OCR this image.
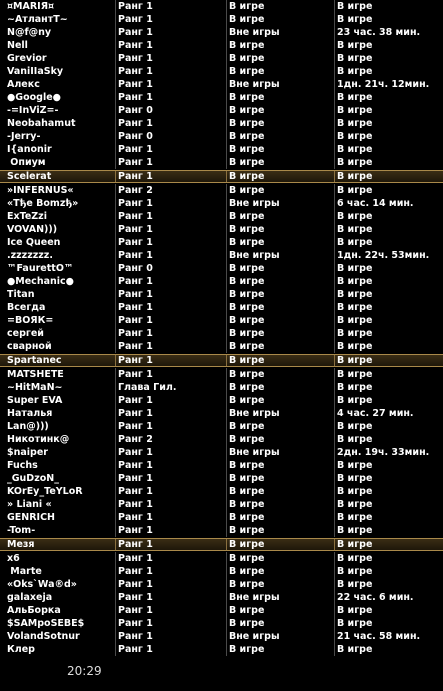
¤MARIЯ¤	Ранг 1	В игре	В игре
~АтлантТ~	Ранг 1	В игре	В игре
N@f@ny	Ранг 1	Вне игры	23 час. 38 мин.
Nell	Ранг 1	В игре	В игре
Grevior	Ранг 1	В игре	В игре
VaniIIaSky	Ранг 1	В игре	В игре
Алекс	Ранг 1	Вне игры	1дн. 21ч. 12мин.
●Google●	Ранг 1	В игре	В игре
-=InViZ=-	Ранг 0	В игре	В игре
Neobahamut	Ранг 1	В игре	В игре
-Jerry-	Ранг 0	В игре	В игре
I{anonir	Ранг 1	В игре	В игре
Опиум	Ранг 1	В игре	В игре
Scelerat	Ранг 1	В игре	В игре
»INFERNUS«	Ранг 2	В игре	В игре
«Tђe Bomzђ»	Ранг 1	Вне игры	6 час. 14 мин.
ExTeZzi	Ранг 1	В игре	В игре
VOVAN)))	Ранг 1	В игре	В игре
Ice Queen	Ранг 1	В игре	В игре
.zzzzzzz.	Ранг 1	Вне игры	1дн. 22ч. 53мин.
™FaurettO™	Ранг 0	В игре	В игре
●Mechanic●	Ранг 1	В игре	В игре
Titan	Ранг 1	В игре	В игре
Всегда	Ранг 1	В игре	В игре
=ВОЯК=	Ранг 1	В игре	В игре
сергей	Ранг 1	В игре	В игре
сварной	Ранг 1	В игре	В игре
Spartanec	Ранг 1	В игре	В игре
MATSHETE	Ранг 1	В игре	В игре
~HitMaN~	Глава Гил.	В игре	В игре
Super EVA	Ранг 1	В игре	В игре
Наталья	Ранг 1	Вне игры	4 час. 27 мин.
Lan@)))	Ранг 1	В игре	В игре
Никотинк@	Ранг 2	В игре	В игре
$naiper	Ранг 1	Вне игры	2дн. 19ч. 33мин.
Fuchs	Ранг 1	В игре	В игре
_GuDzoN_	Ранг 1	В игре	В игре
KOrEy_TeYLoR	Ранг 1	В игре	В игре
» Liani «	Ранг 1	В игре	В игре
GENRICH	Ранг 1	В игре	В игре
-Tom-	Ранг 1	В игре	В игре
Мезя	Ранг 1	В игре	В игре
x6	Ранг 1	В игре	В игре
Marte	Ранг 1	В игре	В игре
«Oks`Wa®d»	Ранг 1	В игре	В игре
galaxeja	Ранг 1	Вне игры	22 час. 6 мин.
АльБорка	Ранг 1	В игре	В игре
$SAMpoSEBE$	Ранг 1	В игре	В игре
VolandSotnur	Ранг 1	Вне игры	21 час. 58 мин.
Клер	Ранг 1	В игре	В игре
20:29
